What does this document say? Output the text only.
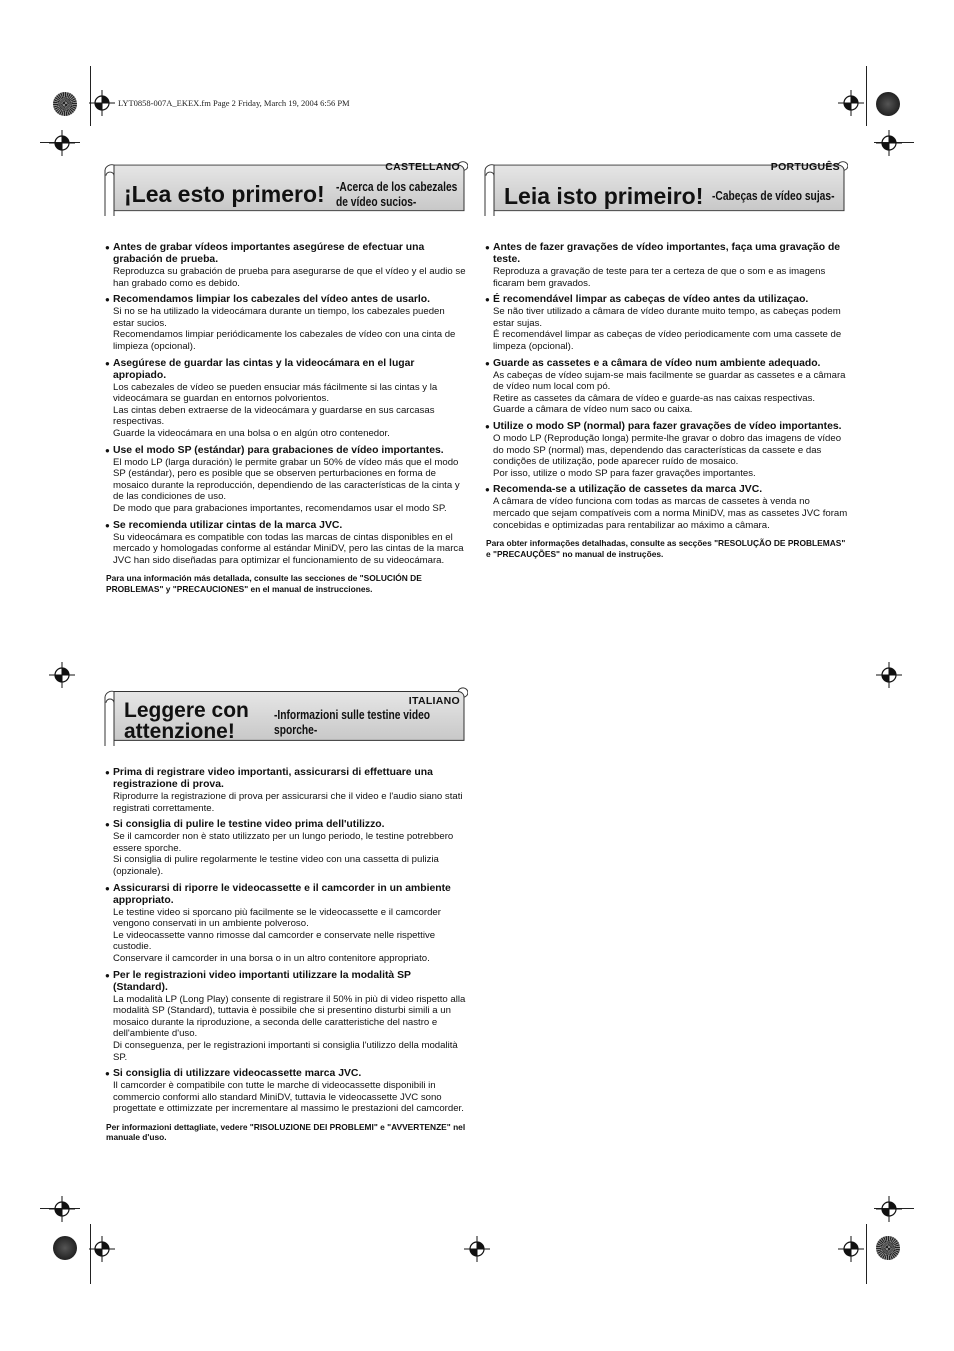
LYT0858-007A_EKEX.fm Page 2 Friday, March 19, 2004 6:56 PM
CASTELLANO
¡Lea esto primero! -Acerca de los cabezales
de vídeo sucios-
● Antes de grabar vídeos importantes asegúrese de efectuar una grabación de prueba.

Reproduzca su grabación de prueba para asegurarse de que el vídeo y el audio se han grabado como es debido.

● Recomendamos limpiar los cabezales del vídeo antes de usarlo.

Si no se ha utilizado la videocámara durante un tiempo, los cabezales pueden estar sucios.

Recomendamos limpiar periódicamente los cabezales de vídeo con una cinta de limpieza (opcional).

● Asegúrese de guardar las cintas y la videocámara en el lugar apropiado.

Los cabezales de vídeo se pueden ensuciar más fácilmente si las cintas y la videocámara se guardan en entornos polvorientos.

Las cintas deben extraerse de la videocámara y guardarse en sus carcasas respectivas.

Guarde la videocámara en una bolsa o en algún otro contenedor.

● Use el modo SP (estándar) para grabaciones de vídeo importantes.

El modo LP (larga duración) le permite grabar un 50% de vídeo más que el modo SP (estándar), pero es posible que se observen perturbaciones en forma de mosaico durante la reproducción, dependiendo de las características de la cinta y de las condiciones de uso.

De modo que para grabaciones importantes, recomendamos usar el modo SP.

● Se recomienda utilizar cintas de la marca JVC.

Su videocámara es compatible con todas las marcas de cintas disponibles en el mercado y homologadas conforme al estándar MiniDV, pero las cintas de la marca JVC han sido diseñadas para optimizar el funcionamiento de su videocámara.

Para una información más detallada, consulte las secciones de "SOLUCIÓN DE PROBLEMAS" y "PRECAUCIONES" en el manual de instrucciones.
PORTUGUÊS
Leia isto primeiro! -Cabeças de vídeo sujas-
● Antes de fazer gravações de vídeo importantes, faça uma gravação de teste.

Reproduza a gravação de teste para ter a certeza de que o som e as imagens ficaram bem gravados.

● É recomendável limpar as cabeças de vídeo antes da utilizaçao.

Se não tiver utilizado a câmara de vídeo durante muito tempo, as cabeças podem estar sujas.

É recomendável limpar as cabeças de vídeo periodicamente com uma cassete de limpeza (opcional).

● Guarde as cassetes e a câmara de vídeo num ambiente adequado.

As cabeças de vídeo sujam-se mais facilmente se guardar as cassetes e a câmara de vídeo num local com pó.

Retire as cassetes da câmara de vídeo e guarde-as nas caixas respectivas.

Guarde a câmara de vídeo num saco ou caixa.

● Utilize o modo SP (normal) para fazer gravações de vídeo importantes.

O modo LP (Reprodução longa) permite-lhe gravar o dobro das imagens de vídeo do modo SP (normal) mas, dependendo das características da cassete e das condições de utilização, pode aparecer ruído de mosaico.

Por isso, utilize o modo SP para fazer gravações importantes.

● Recomenda-se a utilização de cassetes da marca JVC.

A câmara de vídeo funciona com todas as marcas de cassetes à venda no mercado que sejam compatíveis com a norma MiniDV, mas as cassetes JVC foram concebidas e optimizadas para rentabilizar ao máximo a câmara.

Para obter informações detalhadas, consulte as secções "RESOLUÇÃO DE PROBLEMAS" e "PRECAUÇÕES" no manual de instruções.
ITALIANO
Leggere con
attenzione!
-Informazioni sulle testine video
sporche-
● Prima di registrare video importanti, assicurarsi di effettuare una registrazione di prova.

Riprodurre la registrazione di prova per assicurarsi che il video e l'audio siano stati registrati correttamente.

● Si consiglia di pulire le testine video prima dell'utilizzo.

Se il camcorder non è stato utilizzato per un lungo periodo, le testine potrebbero essere sporche.

Si consiglia di pulire regolarmente le testine video con una cassetta di pulizia (opzionale).

● Assicurarsi di riporre le videocassette e il camcorder in un ambiente appropriato.

Le testine video si sporcano più facilmente se le videocassette e il camcorder vengono conservati in un ambiente polveroso.

Le videocassette vanno rimosse dal camcorder e conservate nelle rispettive custodie.

Conservare il camcorder in una borsa o in un altro contenitore appropriato.

● Per le registrazioni video importanti utilizzare la modalità SP (Standard).

La modalità LP (Long Play) consente di registrare il 50% in più di video rispetto alla modalità SP (Standard), tuttavia è possibile che si presentino disturbi simili a un mosaico durante la riproduzione, a seconda delle caratteristiche del nastro e dell'ambiente d'uso.

Di conseguenza, per le registrazioni importanti si consiglia l'utilizzo della modalità SP.

● Si consiglia di utilizzare videocassette marca JVC.

Il camcorder è compatibile con tutte le marche di videocassette disponibili in commercio conformi allo standard MiniDV, tuttavia le videocassette JVC sono progettate e ottimizzate per incrementare al massimo le prestazioni del camcorder.

Per informazioni dettagliate, vedere "RISOLUZIONE DEI PROBLEMI" e "AVVERTENZE" nel manuale d'uso.
